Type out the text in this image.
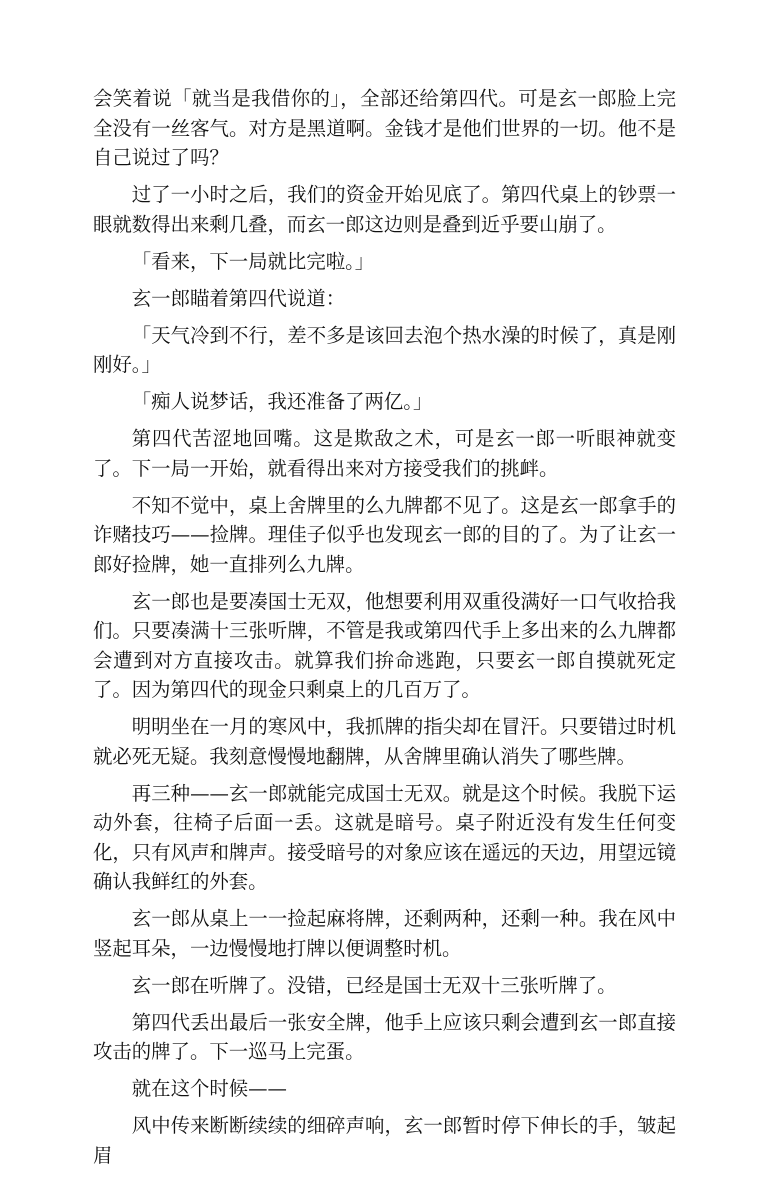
会笑着说「就当是我借你的」，全部还给第四代。可是玄一郎脸上完全没有一丝客气。对方是黑道啊。金钱才是他们世界的一切。他不是自己说过了吗？

过了一小时之后，我们的资金开始见底了。第四代桌上的钞票一眼就数得出来剩几叠，而玄一郎这边则是叠到近乎要山崩了。

「看来，下一局就比完啦。」

玄一郎瞄着第四代说道：

「天气冷到不行，差不多是该回去泡个热水澡的时候了，真是刚刚好。」

「痴人说梦话，我还准备了两亿。」

第四代苦涩地回嘴。这是欺敌之术，可是玄一郎一听眼神就变了。下一局一开始，就看得出来对方接受我们的挑衅。

不知不觉中，桌上舍牌里的么九牌都不见了。这是玄一郎拿手的诈赌技巧——捡牌。理佳子似乎也发现玄一郎的目的了。为了让玄一郎好捡牌，她一直排列么九牌。

玄一郎也是要凑国士无双，他想要利用双重役满好一口气收拾我们。只要凑满十三张听牌，不管是我或第四代手上多出来的么九牌都会遭到对方直接攻击。就算我们拚命逃跑，只要玄一郎自摸就死定了。因为第四代的现金只剩桌上的几百万了。

明明坐在一月的寒风中，我抓牌的指尖却在冒汗。只要错过时机就必死无疑。我刻意慢慢地翻牌，从舍牌里确认消失了哪些牌。

再三种——玄一郎就能完成国士无双。就是这个时候。我脱下运动外套，往椅子后面一丢。这就是暗号。桌子附近没有发生任何变化，只有风声和牌声。接受暗号的对象应该在遥远的天边，用望远镜确认我鲜红的外套。

玄一郎从桌上一一捡起麻将牌，还剩两种，还剩一种。我在风中竖起耳朵，一边慢慢地打牌以便调整时机。

玄一郎在听牌了。没错，已经是国士无双十三张听牌了。

第四代丢出最后一张安全牌，他手上应该只剩会遭到玄一郎直接攻击的牌了。下一巡马上完蛋。

就在这个时候——

风中传来断断续续的细碎声响，玄一郎暂时停下伸长的手，皱起眉
